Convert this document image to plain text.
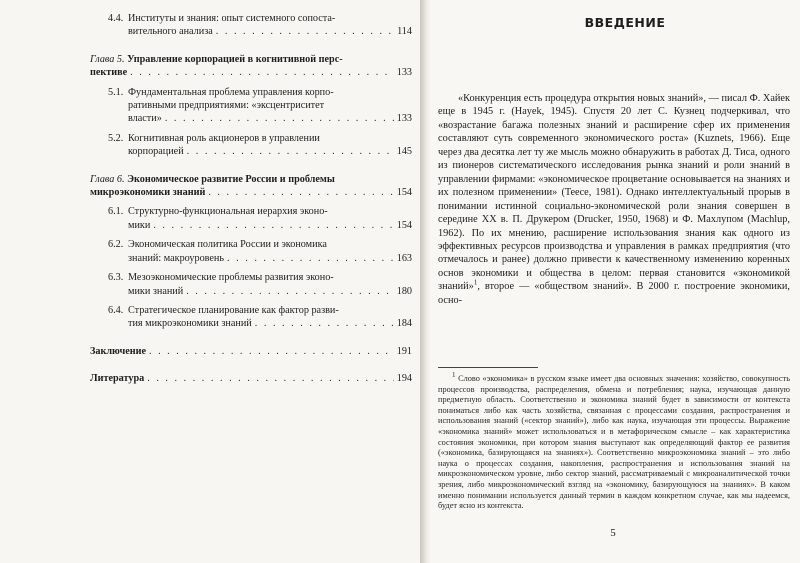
4.4. Институты и знания: опыт системного сопоста-
вительного анализа . . .	114
Глава 5. Управление корпорацией в когнитивной перс-
пективе . . .	133
5.1. Фундаментальная проблема управления корпо-
ративными предприятиями: «эксцентриситет
власти» . . .	133
5.2. Когнитивная роль акционеров в управлении
корпорацией . . .	145
Глава 6. Экономическое развитие России и проблемы
микроэкономики знаний . . .	154
6.1. Структурно-функциональная иерархия эконо-
мики . . .	154
6.2. Экономическая политика России и экономика
знаний: макроуровень . . .	163
6.3. Мезоэкономические проблемы развития эконо-
мики знаний . . .	180
6.4. Стратегическое планирование как фактор разви-
тия микроэкономики знаний . . .	184
Заключение . . .	191
Литература . . .	194
ВВЕДЕНИЕ

«Конкуренция есть процедура открытия новых знаний», — писал Ф. Хайек еще в 1945 г. (Hayek, 1945). Спустя 20 лет С. Кузнец подчеркивал, что «возрастание багажа полезных знаний и расширение сфер их применения составляют суть современного экономического роста» (Kuznets, 1966). Еще через два десятка лет ту же мысль можно обнаружить в работах Д. Тиса, одного из пионеров систематического исследования рынка знаний и роли знаний в управлении фирмами: «экономическое процветание основывается на знаниях и их полезном применении» (Teece, 1981). Однако интеллектуальный прорыв в понимании истинной социально-экономической роли знания совершен в середине XX в. П. Друкером (Drucker, 1950, 1968) и Ф. Махлупом (Machlup, 1962). По их мнению, расширение использования знания как одного из эффективных ресурсов производства и управления в рамках предприятия (что отмечалось и ранее) должно привести к качественному изменению коренных основ экономики и общества в целом: первая становится «экономикой знаний»$^1$, второе — «обществом знаний». В 2000 г. построение экономики, осно-

$^1$ Слово «экономика» в русском языке имеет два основных значения: хозяйство, совокупность процессов производства, распределения, обмена и потребления; наука, изучающая данную предметную область. Соответственно и экономика знаний будет в зависимости от контекста пониматься либо как часть хозяйства, связанная с процессами создания, распространения и использования знаний («сектор знаний»), либо как наука, изучающая эти процессы. Выражение «экономика знаний» может использоваться и в метафорическом смысле – как характеристика состояния экономики, при котором знания выступают как определяющий фактор ее развития («экономика, базирующаяся на знаниях»). Соответственно микроэкономика знаний – это либо наука о процессах создания, накопления, распространения и использования знаний на микроэкономическом уровне, либо сектор знаний, рассматриваемый с микроаналитической точки зрения, либо микроэкономический взгляд на «экономику, базирующуюся на знаниях». В каком именно понимании используется данный термин в каждом конкретном случае, как мы надеемся, будет ясно из контекста.

5
